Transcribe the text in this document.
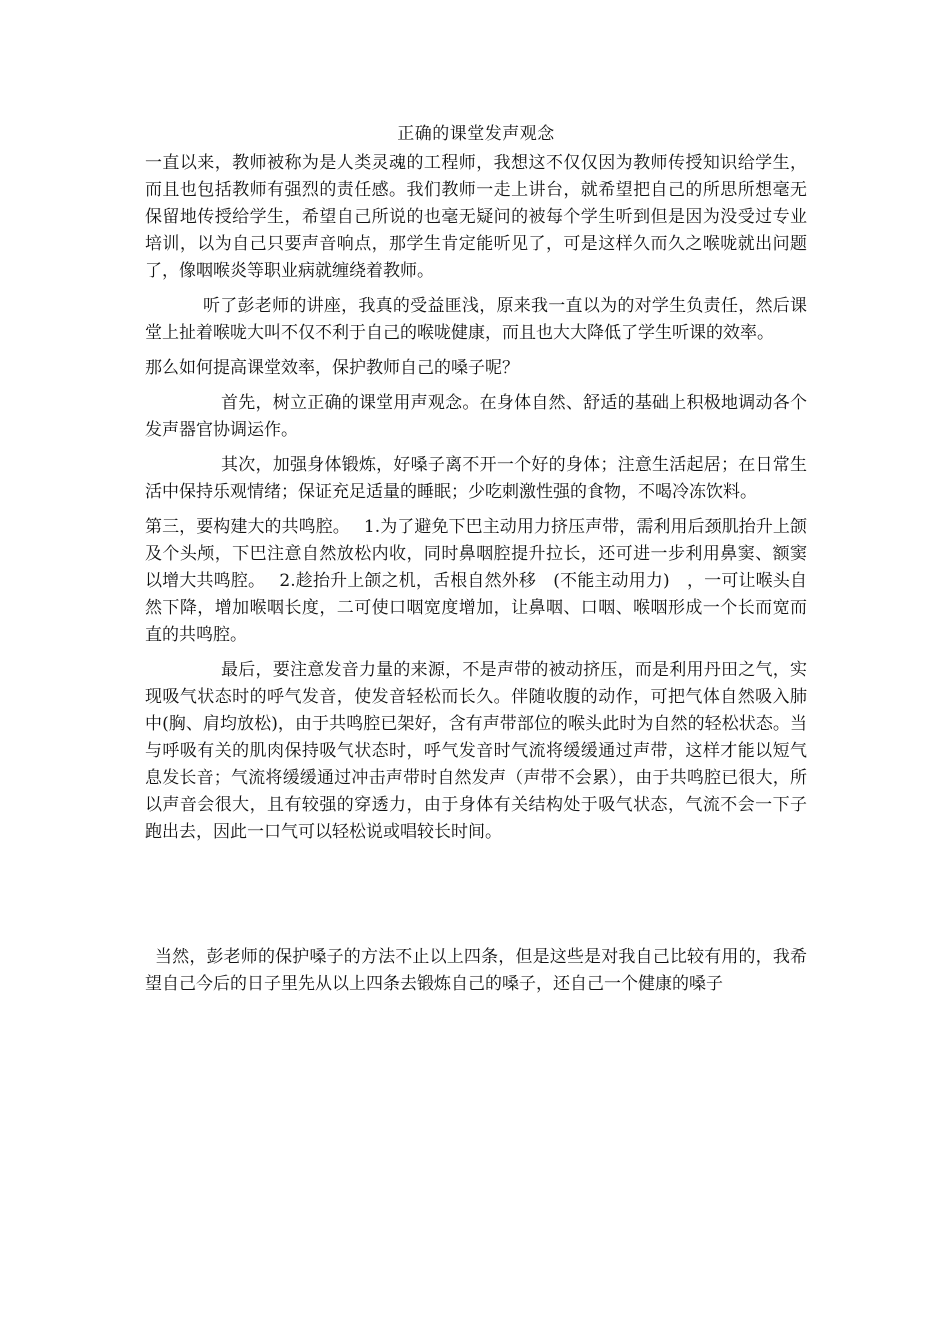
正确的课堂发声观念

一直以来，教师被称为是人类灵魂的工程师，我想这不仅仅因为教师传授知识给学生，而且也包括教师有强烈的责任感。我们教师一走上讲台，就希望把自己的所思所想毫无保留地传授给学生，希望自己所说的也毫无疑问的被每个学生听到但是因为没受过专业培训，以为自己只要声音响点，那学生肯定能听见了，可是这样久而久之喉咙就出问题了，像咽喉炎等职业病就缠绕着教师。

听了彭老师的讲座，我真的受益匪浅，原来我一直以为的对学生负责任，然后课堂上扯着喉咙大叫不仅不利于自己的喉咙健康，而且也大大降低了学生听课的效率。

那么如何提高课堂效率，保护教师自己的嗓子呢？

首先，树立正确的课堂用声观念。在身体自然、舒适的基础上积极地调动各个发声器官协调运作。

其次，加强身体锻炼，好嗓子离不开一个好的身体；注意生活起居；在日常生活中保持乐观情绪；保证充足适量的睡眠；少吃刺激性强的食物，不喝冷冻饮料。

第三，要构建大的共鸣腔。　 1.为了避免下巴主动用力挤压声带，需利用后颈肌抬升上颌及个头颅，下巴注意自然放松内收，同时鼻咽腔提升拉长，还可进一步利用鼻窦、额窦以增大共鸣腔。　 2.趁抬升上颌之机，舌根自然外移　(不能主动用力)　，一可让喉头自然下降，增加喉咽长度，二可使口咽宽度增加，让鼻咽、口咽、喉咽形成一个长而宽而直的共鸣腔。

最后，要注意发音力量的来源，不是声带的被动挤压，而是利用丹田之气，实现吸气状态时的呼气发音，使发音轻松而长久。伴随收腹的动作，可把气体自然吸入肺中(胸、肩均放松)，由于共鸣腔已架好，含有声带部位的喉头此时为自然的轻松状态。当与呼吸有关的肌肉保持吸气状态时，呼气发音时气流将缓缓通过声带，这样才能以短气息发长音；气流将缓缓通过冲击声带时自然发声（声带不会累），由于共鸣腔已很大，所以声音会很大，且有较强的穿透力，由于身体有关结构处于吸气状态，气流不会一下子跑出去，因此一口气可以轻松说或唱较长时间。

当然，彭老师的保护嗓子的方法不止以上四条，但是这些是对我自己比较有用的，我希望自己今后的日子里先从以上四条去锻炼自己的嗓子，还自己一个健康的嗓子
